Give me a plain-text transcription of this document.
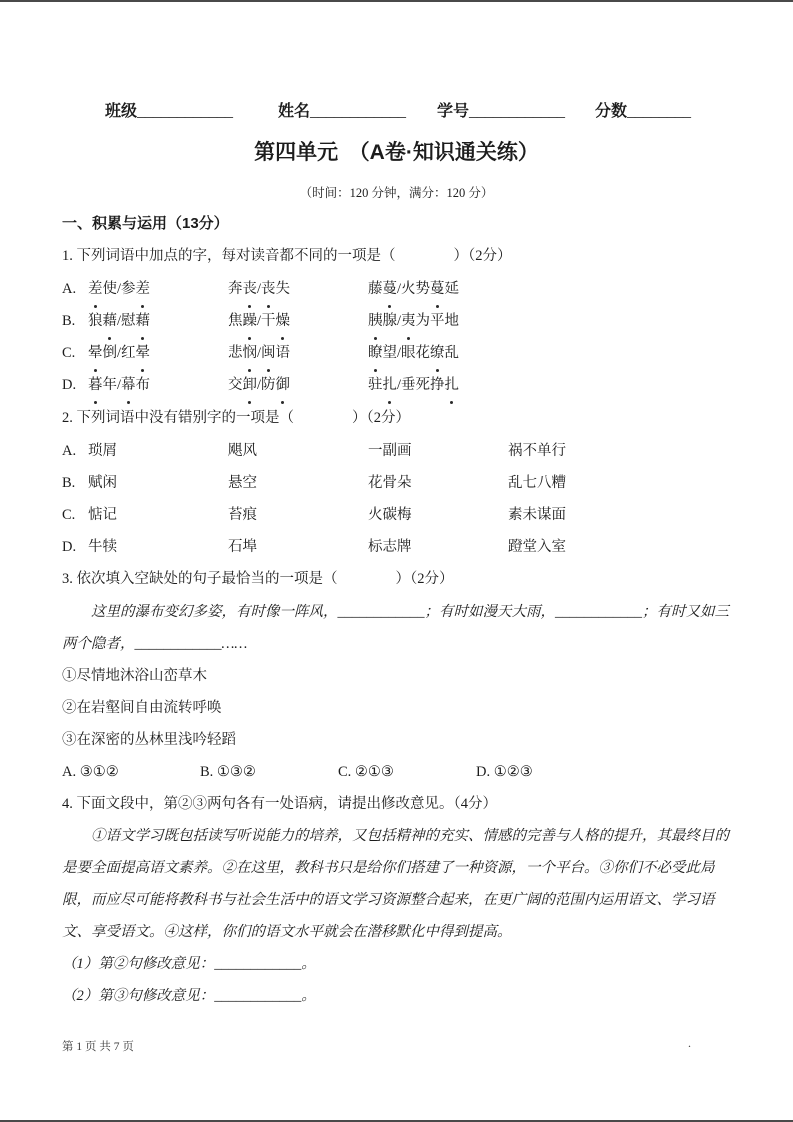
班级____________	姓名____________ 学号____________ 分数________
第四单元　（A卷·知识通关练）
（时间：120 分钟，满分：120 分）
一、积累与运用（13分）
1. 下列词语中加点的字，每对读音都不同的一项是（　　　　）（2分）
A. 差使/参差	奔丧/丧失	藤蔓/火势蔓延
B. 狼藉/慰藉	焦躁/干燥	胰腺/夷为平地
C. 晕倒/红晕	悲悯/闽语	瞭望/眼花缭乱
D. 暮年/幕布	交卸/防御	驻扎/垂死挣扎
2. 下列词语中没有错别字的一项是（　　　　）（2分）
A. 琐屑	飓风	一副画	祸不单行
B. 赋闲	悬空	花骨朵	乱七八糟
C. 惦记	苔痕	火碳梅	素未谋面
D. 牛犊	石埠	标志牌	蹬堂入室
3. 依次填入空缺处的句子最恰当的一项是（　　　　）（2分）
这里的瀑布变幻多姿，有时像一阵风，____________；有时如漫天大雨，____________；有时又如三两个隐者，____________……
①尽情地沐浴山峦草木
②在岩壑间自由流转呼唤
③在深密的丛林里浅吟轻蹈
A. ③①②	B. ①③②	C. ②①③	D. ①②③
4. 下面文段中，第②③两句各有一处语病，请提出修改意见。（4分）
①语文学习既包括读写听说能力的培养，又包括精神的充实、情感的完善与人格的提升，其最终目的是要全面提高语文素养。②在这里，教科书只是给你们搭建了一种资源，一个平台。③你们不必受此局限，而应尽可能将教科书与社会生活中的语文学习资源整合起来，在更广阔的范围内运用语文、学习语文、享受语文。④这样，你们的语文水平就会在潜移默化中得到提高。
（1）第②句修改意见：____________。
（2）第③句修改意见：____________。
第 1 页 共 7 页	.
